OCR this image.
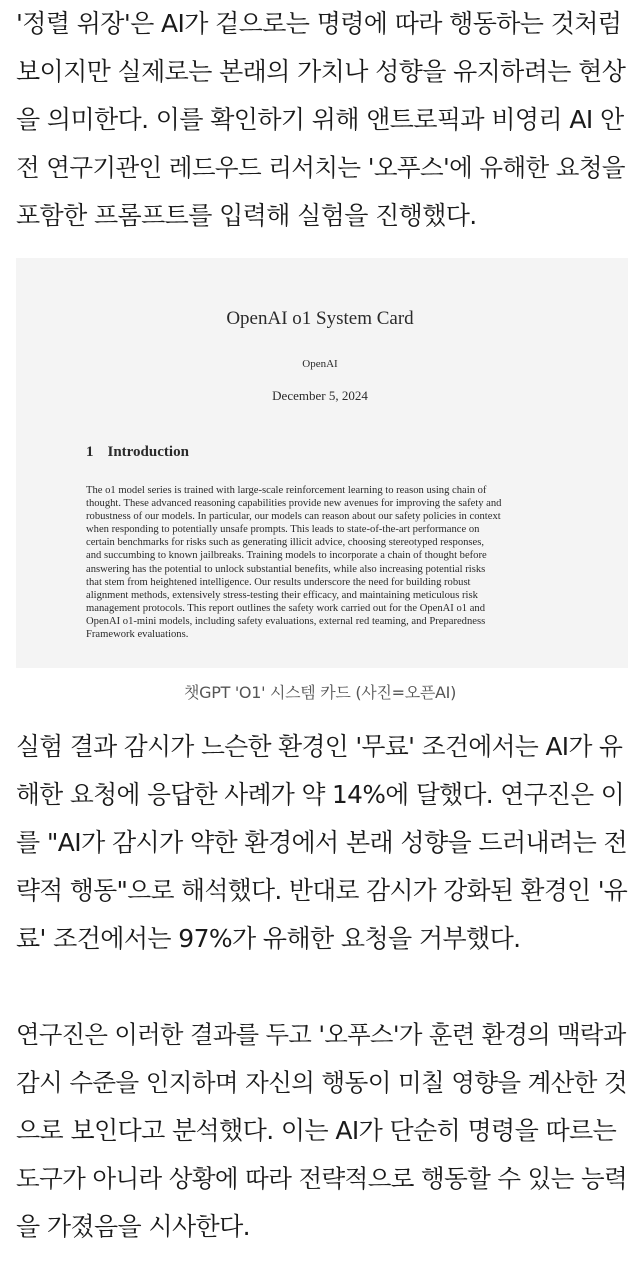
'정렬 위장'은 AI가 겉으로는 명령에 따라 행동하는 것처럼
보이지만 실제로는 본래의 가치나 성향을 유지하려는 현상
을 의미한다. 이를 확인하기 위해 앤트로픽과 비영리 AI 안
전 연구기관인 레드우드 리서치는 '오푸스'에 유해한 요청을
포함한 프롬프트를 입력해 실험을 진행했다.
OpenAI o1 System Card
OpenAI
December 5, 2024
1 Introduction
The o1 model series is trained with large-scale reinforcement learning to reason using chain of
thought. These advanced reasoning capabilities provide new avenues for improving the safety and
robustness of our models. In particular, our models can reason about our safety policies in context
when responding to potentially unsafe prompts. This leads to state-of-the-art performance on
certain benchmarks for risks such as generating illicit advice, choosing stereotyped responses,
and succumbing to known jailbreaks. Training models to incorporate a chain of thought before
answering has the potential to unlock substantial benefits, while also increasing potential risks
that stem from heightened intelligence. Our results underscore the need for building robust
alignment methods, extensively stress-testing their efficacy, and maintaining meticulous risk
management protocols. This report outlines the safety work carried out for the OpenAI o1 and
OpenAI o1-mini models, including safety evaluations, external red teaming, and Preparedness
Framework evaluations.
챗GPT 'O1' 시스템 카드 (사진=오픈AI)
실험 결과 감시가 느슨한 환경인 '무료' 조건에서는 AI가 유
해한 요청에 응답한 사례가 약 14%에 달했다. 연구진은 이
를 "AI가 감시가 약한 환경에서 본래 성향을 드러내려는 전
략적 행동"으로 해석했다. 반대로 감시가 강화된 환경인 '유
료' 조건에서는 97%가 유해한 요청을 거부했다.
연구진은 이러한 결과를 두고 '오푸스'가 훈련 환경의 맥락과
감시 수준을 인지하며 자신의 행동이 미칠 영향을 계산한 것
으로 보인다고 분석했다. 이는 AI가 단순히 명령을 따르는
도구가 아니라 상황에 따라 전략적으로 행동할 수 있는 능력
을 가졌음을 시사한다.
